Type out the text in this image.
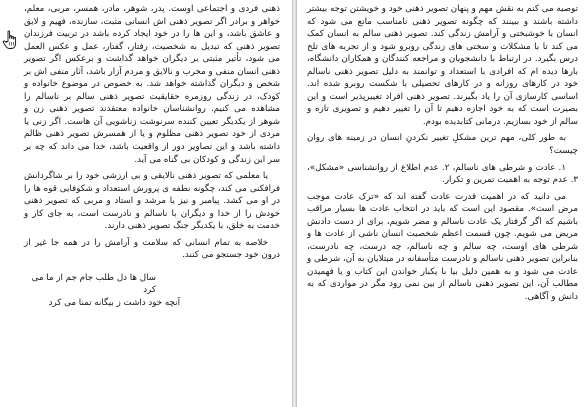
توصیه می کنم به نقش مهم و پنهان تصویر ذهنی خود و خویشتن توجه بیشتر داشته باشند و ببینند که چگونه تصویر ذهنی نامناسب مانع می شود که انسان با خوشبختی و آرامش زندگی کند. تصویر ذهنی سالم به انسان کمک می کند تا با مشکلات و سختی های زندگی روبرو شود و از تجربه های تلخ درس بگیرد. در ارتباط با دانشجویان و مراجعه کنندگان و همکاران دانشگاه، بارها دیده ام که افرادی با استعداد و توانمند به دلیل تصویر ذهنی ناسالم خود در کارهای روزانه و در کارهای تحصیلی با شکست روبرو شده اند. اساسی کارسازی آن را یاد بگیرند. تصویر ذهنی افراد تغییرپذیر است و این بصیرت است که به خود اجازه دهیم تا آن را تغییر دهیم و تصویری تازه و سالم از خود بسازیم. درمانی کتابدیده بودم.

به طور کلی، مهم ترین مشکلِ تغییر نکردنِ انسان در زمینه های روان چیست؟

۱. عادت و شرطی های ناسالم، ۲. عدم اطلاع از روانشناسی «مشکل»، ۳. عدم توجه به اهمیت تمرین و تکرار.

می دانید که در اهمیت قدرت عادت گفته اند که «ترک عادت موجب مرض است». مقصود این است که باید در انتخاب عادت ها بسیار مراقب باشیم که اگر گرفتار یک عادت ناسالم و مضر شویم، برای از دست دادنش مریض می شویم. چون قسمت اعظم شخصیت انسان ناشی از عادت ها و شرطی های اوست، چه سالم و چه ناسالم، چه درست، چه نادرست، بنابراین تصویر ذهنی ناسالم و نادرست متأسفانه در مبتلایان به آن، شرطی و عادت می شود و به همین دلیل بیا با یکبار خواندن این کتاب و یا فهمیدن مطالب آن، این تصویر ذهنی ناسالم از بین نمی رود مگر در مواردی که به دانش و آگاهی.

ذهنی فردی و اجتماعی اوست. پدر، شوهر، مادر، همسر، مربی، معلم، خواهر و برادر اگر تصویر ذهنی اش انسانی مثبت، سازنده، فهیم و لایق و عاشق باشد، و این ها را در خود ایجاد کرده باشد در تربیت فرزندان تصویر ذهنی که تبدیل به شخصیت، رفتار، گفتار، عمل و عکس العمل می شود، تأثیر مثبتی بر دیگران خواهد گذاشت و برعکس اگر تصویر ذهنی انسان منفی و مخرب و نالایق و مردم آزار باشد، آثار منفی اش بر شخص و دیگران گذاشته خواهد شد. به خصوص در موضوع خانواده و کودک، در زندگی روزمره حقایقیت تصویر ذهنی سالم بر ناسالم را مشاهده می کنیم. روانشناسان خانواده معتقدند تصویر ذهنی زن و شوهر از یکدیگر تعیین کننده سرنوشت زناشویی آن هاست. اگر زنی یا مردی از خود تصویر ذهنی مظلوم و یا از همسرش تصویر ذهنی ظالم داشته باشد و این تصاویر دور از واقعیت باشد، خدا می داند که چه بر سر این زندگی و کودکان بی گناه می آید.

یا معلمی که تصویر ذهنی نالایقی و بی ارزشی خود را بر شاگردانش فرافکنی می کند، چگونه نطفه ی پرورش استعداد و شکوفایی قوه ها را در او می کشد. پیامبر و نیز یا مرشد و استاد و مربی که تصویر ذهنی خودش را از خدا و دیگران با ناسالم و نادرست است، به جای کار و خدمت به خلق، با یکدیگر جنگ تصویر ذهنی دارند.

خلاصه به تمام انسانی که سلامت و آرامش را در همه جا غیر از درون خود جستجو می کنند.

سال ها دل طلب جام جم از ما می کرد

آنچه خود داشت ز بیگانه تمنا می کرد
